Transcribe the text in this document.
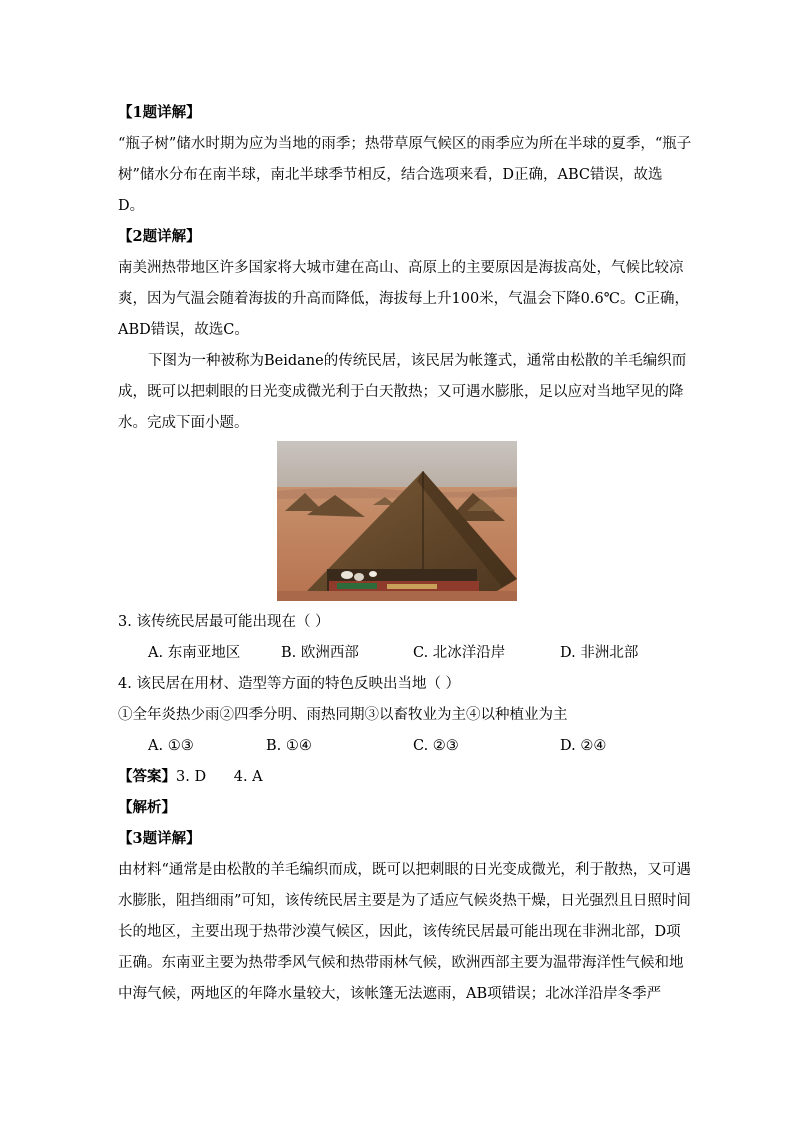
【1题详解】
“瓶子树”储水时期为应为当地的雨季；热带草原气候区的雨季应为所在半球的夏季，“瓶子
树”储水分布在南半球，南北半球季节相反，结合选项来看，D正确，ABC错误，故选
D。
【2题详解】
南美洲热带地区许多国家将大城市建在高山、高原上的主要原因是海拔高处，气候比较凉
爽，因为气温会随着海拔的升高而降低，海拔每上升100米，气温会下降0.6℃。C正确，
ABD错误，故选C。
下图为一种被称为Beidane的传统民居，该民居为帐篷式，通常由松散的羊毛编织而
成，既可以把刺眼的日光变成微光利于白天散热；又可遇水膨胀，足以应对当地罕见的降
水。完成下面小题。
3. 该传统民居最可能出现在（ ）
A. 东南亚地区	B. 欧洲西部	C. 北冰洋沿岸	D. 非洲北部
4. 该民居在用材、造型等方面的特色反映出当地（ ）
①全年炎热少雨②四季分明、雨热同期③以畜牧业为主④以种植业为主
A. ①③	B. ①④	C. ②③	D. ②④
【答案】3. D      4. A
【解析】
【3题详解】
由材料“通常是由松散的羊毛编织而成，既可以把刺眼的日光变成微光，利于散热，又可遇
水膨胀，阻挡细雨”可知，该传统民居主要是为了适应气候炎热干燥，日光强烈且日照时间
长的地区，主要出现于热带沙漠气候区，因此，该传统民居最可能出现在非洲北部，D项
正确。东南亚主要为热带季风气候和热带雨林气候，欧洲西部主要为温带海洋性气候和地
中海气候，两地区的年降水量较大，该帐篷无法遮雨，AB项错误；北冰洋沿岸冬季严
